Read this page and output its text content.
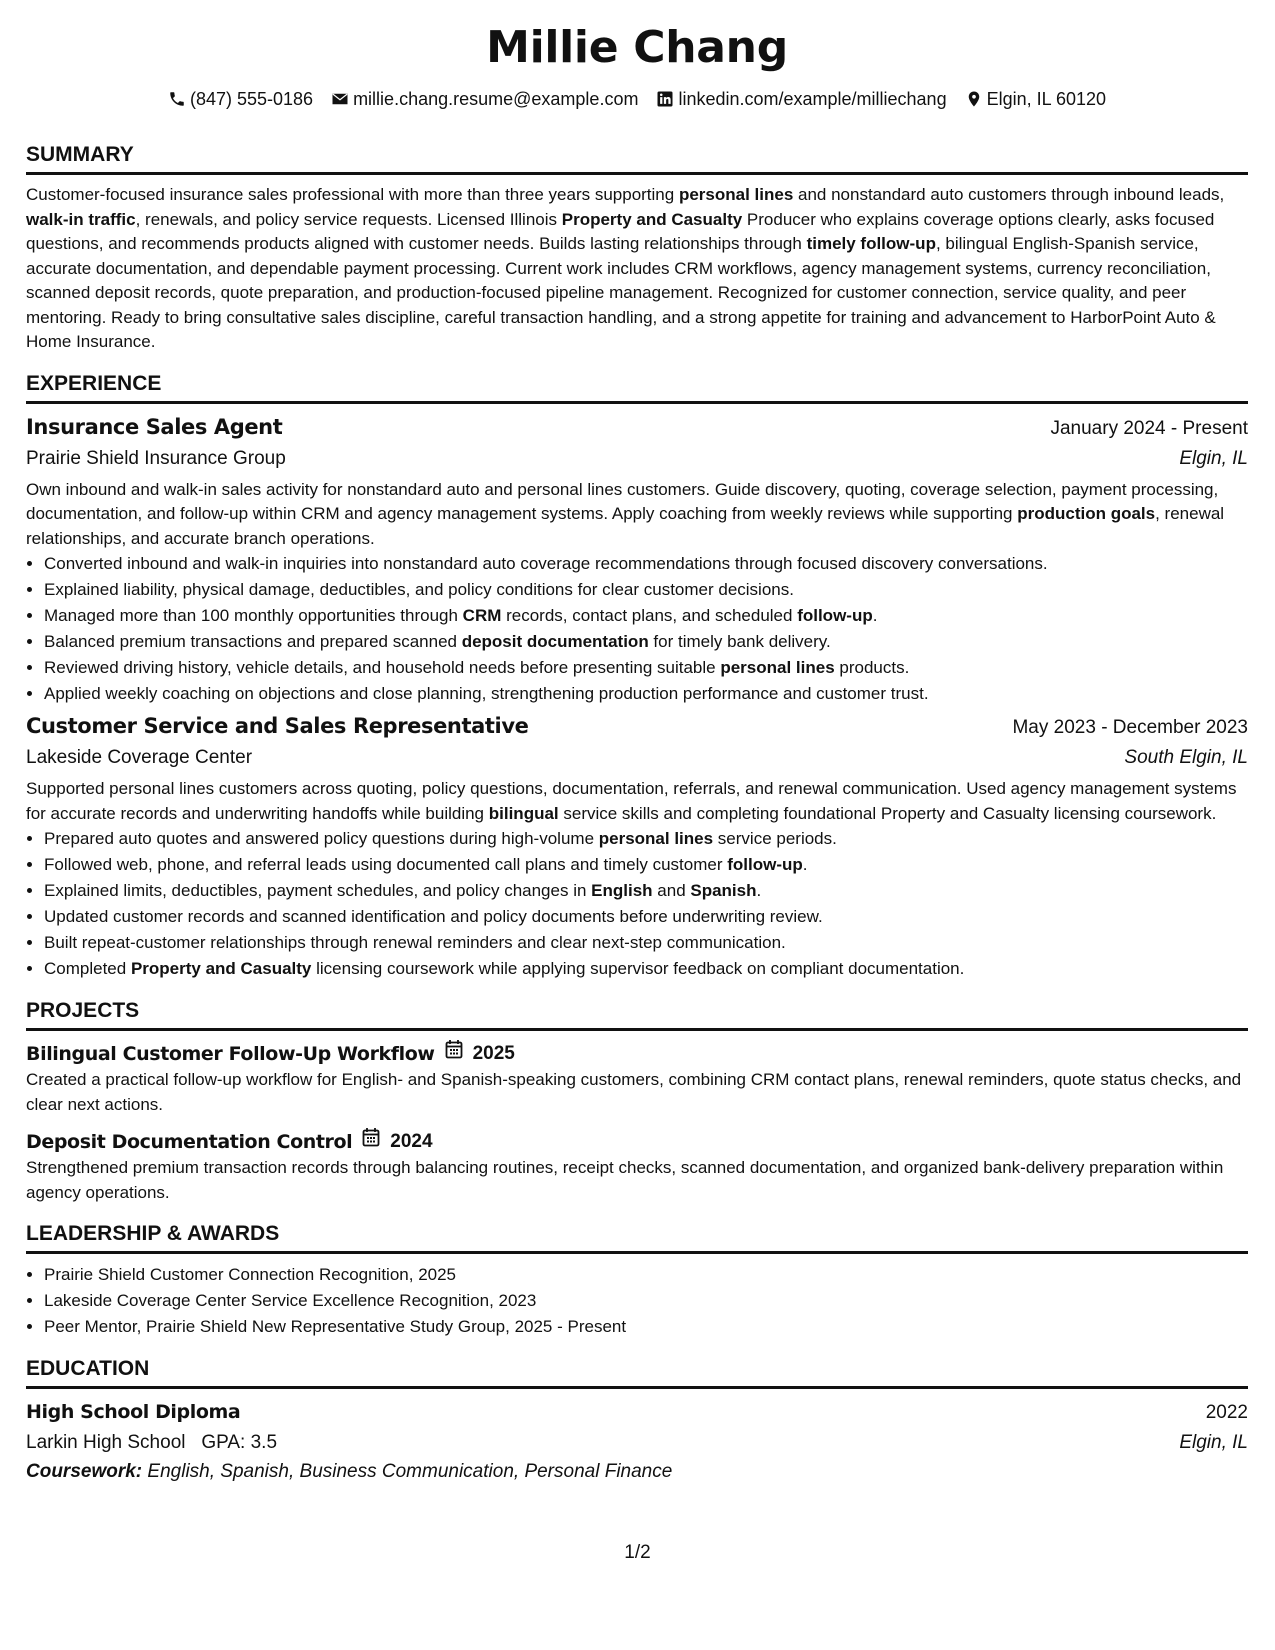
Millie Chang
(847) 555-0186 millie.chang.resume@example.com linkedin.com/example/milliechang Elgin, IL 60120
SUMMARY

Customer-focused insurance sales professional with more than three years supporting personal lines and nonstandard auto customers through inbound leads, walk-in traffic, renewals, and policy service requests. Licensed Illinois Property and Casualty Producer who explains coverage options clearly, asks focused questions, and recommends products aligned with customer needs. Builds lasting relationships through timely follow-up, bilingual English-Spanish service, accurate documentation, and dependable payment processing. Current work includes CRM workflows, agency management systems, currency reconciliation, scanned deposit records, quote preparation, and production-focused pipeline management. Recognized for customer connection, service quality, and peer mentoring. Ready to bring consultative sales discipline, careful transaction handling, and a strong appetite for training and advancement to HarborPoint Auto & Home Insurance.

EXPERIENCE
Insurance Sales Agent	January 2024 - Present
Prairie Shield Insurance Group	Elgin, IL

Own inbound and walk-in sales activity for nonstandard auto and personal lines customers. Guide discovery, quoting, coverage selection, payment processing, documentation, and follow-up within CRM and agency management systems. Apply coaching from weekly reviews while supporting production goals, renewal relationships, and accurate branch operations.

• Converted inbound and walk-in inquiries into nonstandard auto coverage recommendations through focused discovery conversations.
• Explained liability, physical damage, deductibles, and policy conditions for clear customer decisions.
• Managed more than 100 monthly opportunities through CRM records, contact plans, and scheduled follow-up.
• Balanced premium transactions and prepared scanned deposit documentation for timely bank delivery.
• Reviewed driving history, vehicle details, and household needs before presenting suitable personal lines products.
• Applied weekly coaching on objections and close planning, strengthening production performance and customer trust.
Customer Service and Sales Representative	May 2023 - December 2023
Lakeside Coverage Center	South Elgin, IL

Supported personal lines customers across quoting, policy questions, documentation, referrals, and renewal communication. Used agency management systems for accurate records and underwriting handoffs while building bilingual service skills and completing foundational Property and Casualty licensing coursework.

• Prepared auto quotes and answered policy questions during high-volume personal lines service periods.
• Followed web, phone, and referral leads using documented call plans and timely customer follow-up.
• Explained limits, deductibles, payment schedules, and policy changes in English and Spanish.
• Updated customer records and scanned identification and policy documents before underwriting review.
• Built repeat-customer relationships through renewal reminders and clear next-step communication.
• Completed Property and Casualty licensing coursework while applying supervisor feedback on compliant documentation.
PROJECTS
Bilingual Customer Follow-Up Workflow 2025

Created a practical follow-up workflow for English- and Spanish-speaking customers, combining CRM contact plans, renewal reminders, quote status checks, and clear next actions.

Deposit Documentation Control 2024

Strengthened premium transaction records through balancing routines, receipt checks, scanned documentation, and organized bank-delivery preparation within agency operations.

LEADERSHIP & AWARDS
• Prairie Shield Customer Connection Recognition, 2025
• Lakeside Coverage Center Service Excellence Recognition, 2023
• Peer Mentor, Prairie Shield New Representative Study Group, 2025 - Present
EDUCATION
High School Diploma	2022
Larkin High School GPA: 3.5	Elgin, IL
Coursework: English, Spanish, Business Communication, Personal Finance
1/2
